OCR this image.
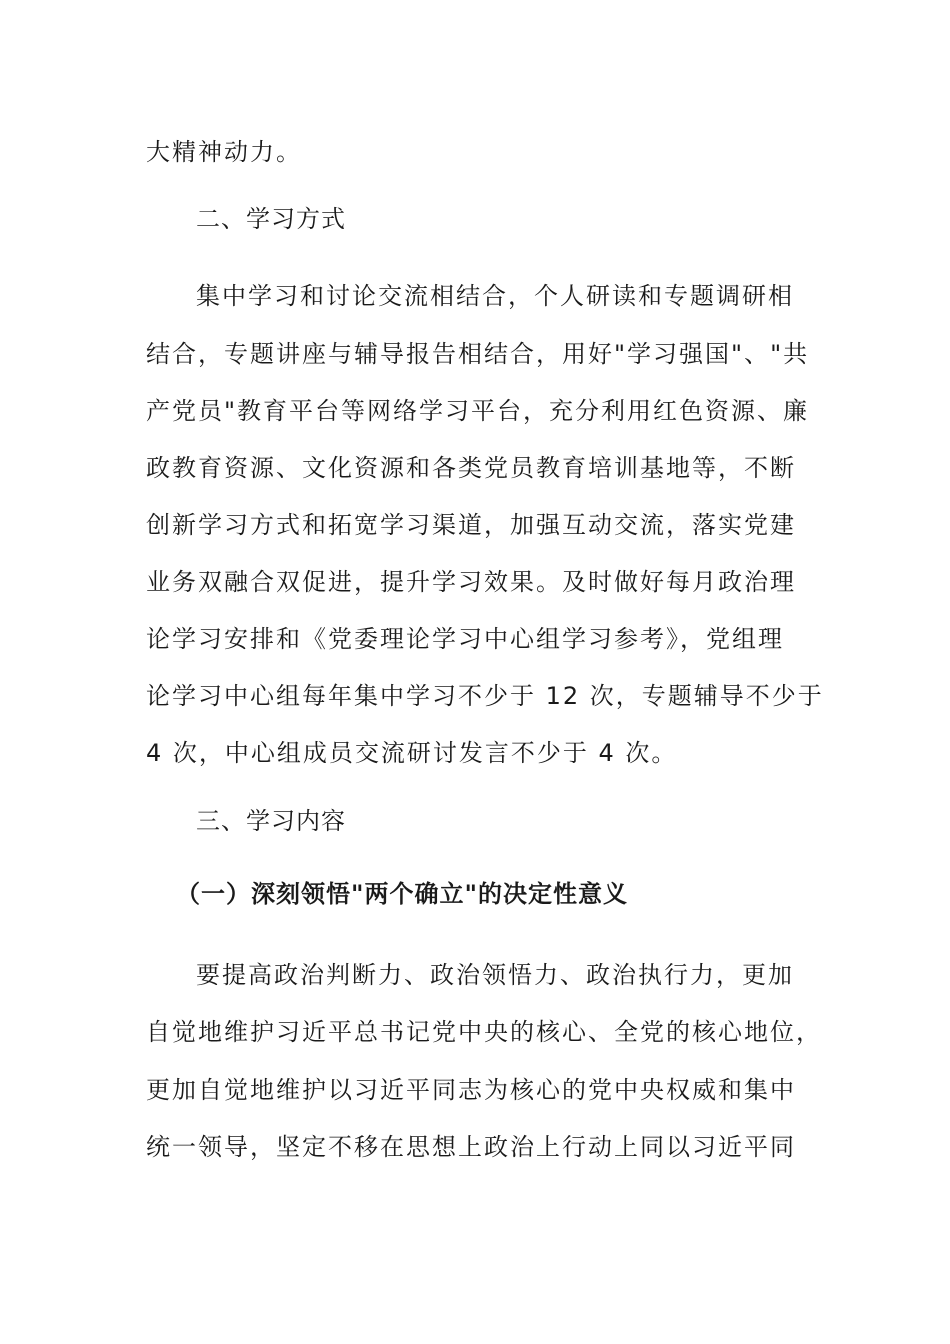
大精神动力。
二、学习方式
集中学习和讨论交流相结合，个人研读和专题调研相
结合，专题讲座与辅导报告相结合，用好"学习强国"、"共
产党员"教育平台等网络学习平台，充分利用红色资源、廉
政教育资源、文化资源和各类党员教育培训基地等，不断
创新学习方式和拓宽学习渠道，加强互动交流，落实党建
业务双融合双促进，提升学习效果。及时做好每月政治理
论学习安排和《党委理论学习中心组学习参考》，党组理
论学习中心组每年集中学习不少于 12 次，专题辅导不少于
4 次，中心组成员交流研讨发言不少于 4 次。
三、学习内容
（一）深刻领悟"两个确立"的决定性意义
要提高政治判断力、政治领悟力、政治执行力，更加
自觉地维护习近平总书记党中央的核心、全党的核心地位，
更加自觉地维护以习近平同志为核心的党中央权威和集中
统一领导，坚定不移在思想上政治上行动上同以习近平同
